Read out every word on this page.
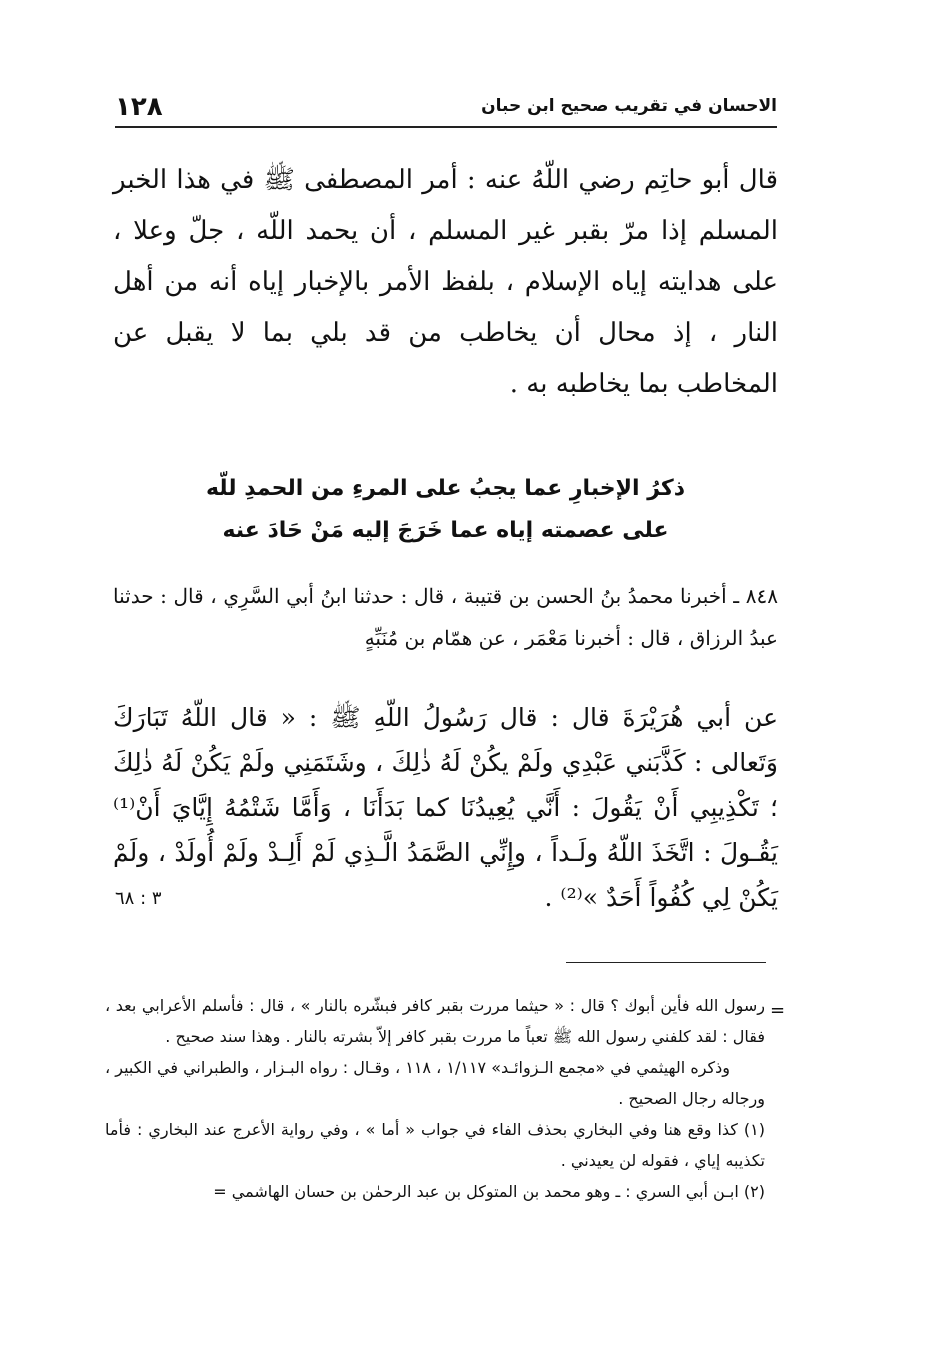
١٢٨	الاحسان في تقريب صحيح ابن حبان

قال أبو حاتِم رضي اللّهُ عنه : أمر المصطفى ﷺ في هذا الخبر المسلم إذا مرّ بقبر غير المسلم ، أن يحمد اللّه ، جلّ وعلا ، على هدايته إياه الإسلام ، بلفظ الأمر بالإخبار إياه أنه من أهل النار ، إذ محال أن يخاطب من قد بلي بما لا يقبل عن المخاطب بما يخاطبه به .

ذكرُ الإخبارِ عما يجبُ على المرءِ من الحمدِ للّه
على عصمته إياه عما خَرَجَ إليه مَنْ حَادَ عنه

٨٤٨ ـ أخبرنا محمدُ بنُ الحسن بن قتيبة ، قال : حدثنا ابنُ أبي السَّرِي ، قال : حدثنا عبدُ الرزاق ، قال : أخبرنا مَعْمَر ، عن همّام بن مُنَبِّهٍ

عن أبي هُرَيْرَةَ قال : قال رَسُولُ اللّهِ ﷺ : « قال اللّهُ تَبَارَكَ وَتَعالى : كَذَّبَني عَبْدِي ولَمْ يكُنْ لَهُ ذٰلِكَ ، وشَتَمَنِي ولَمْ يَكُنْ لَهُ ذٰلِكَ ؛ تَكْذِيبِي أَنْ يَقُولَ : أَنَّي يُعِيدُنَا كما بَدَأَنَا ، وَأَمَّا شَتْمُهُ إِيَّايَ أَنْ⁽¹⁾ يَقُـولَ : اتَّخَذَ اللّهُ ولَـداً ، وإِنِّي الصَّمَدُ الَّـذِي لَمْ أَلِـدْ ولَمْ أُولَدْ ، ولَمْ يَكُنْ لِي كُفُواً أَحَدٌ »⁽²⁾ .

٣ : ٦٨
=

رسول الله فأين أبوك ؟ قال : « حيثما مررت بقبر كافر فبشّره بالنار » ، قال : فأسلم الأعرابي بعد ، فقال : لقد كلفني رسول الله ﷺ تعباً ما مررت بقبر كافر إلاّ بشرته بالنار . وهذا سند صحيح .

وذكره الهيثمي في «مجمع الـزوائـد» ١/١١٧ ، ١١٨ ، وقـال : رواه البـزار ، والطبراني في الكبير ، ورجاله رجال الصحيح .

(١) كذا وقع هنا وفي البخاري بحذف الفاء في جواب « أما » ، وفي رواية الأعرج عند البخاري : فأما تكذيبه إياي ، فقوله لن يعيدني .

(٢) ابـن أبي السري : ـ وهو محمد بن المتوكل بن عبد الرحمٰن بن حسان الهاشمي =
